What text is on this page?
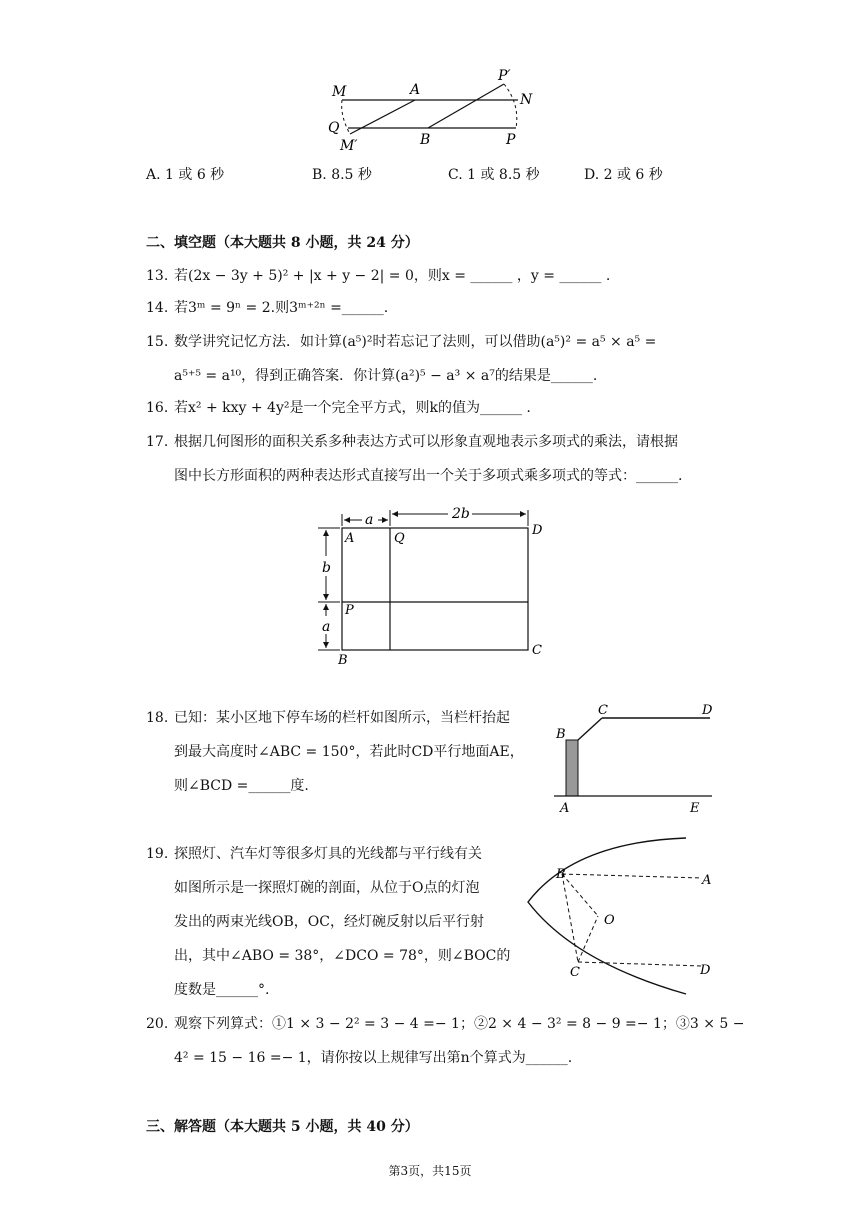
M	A
P′
N
Q
M′	B	P
A. 1 或 6 秒	B. 8.5 秒	C. 1 或 8.5 秒	D. 2 或 6 秒
二、填空题（本大题共 8 小题，共 24 分）
13. 若(2x − 3y + 5)² + |x + y − 2| = 0，则x = ______ ，y = ______ .
14. 若3ᵐ = 9ⁿ = 2.则3ᵐ⁺²ⁿ =______.
15. 数学讲究记忆方法．如计算(a⁵)²时若忘记了法则，可以借助(a⁵)² = a⁵ × a⁵ =
a⁵⁺⁵ = a¹⁰，得到正确答案．你计算(a²)⁵ − a³ × a⁷的结果是______.
16. 若x² + kxy + 4y²是一个完全平方式，则k的值为______ .
17. 根据几何图形的面积关系多种表达方式可以形象直观地表示多项式的乘法，请根据
图中长方形面积的两种表达形式直接写出一个关于多项式乘多项式的等式：______.
a	2b
A	Q
D
b
P
a
B
C
18. 已知：某小区地下停车场的栏杆如图所示，当栏杆抬起
到最大高度时∠ABC = 150°，若此时CD平行地面AE，
则∠BCD =______度.
B
C	D
A	E
19. 探照灯、汽车灯等很多灯具的光线都与平行线有关
如图所示是一探照灯碗的剖面，从位于O点的灯泡
发出的两束光线OB，OC，经灯碗反射以后平行射
出，其中∠ABO = 38°，∠DCO = 78°，则∠BOC的
度数是______°.
B	A
O
C	D
20. 观察下列算式：①1 × 3 − 2² = 3 − 4 =− 1；②2 × 4 − 3² = 8 − 9 =− 1；③3 × 5 −
4² = 15 − 16 =− 1，请你按以上规律写出第n个算式为______.
三、解答题（本大题共 5 小题，共 40 分）
第3页，共15页
